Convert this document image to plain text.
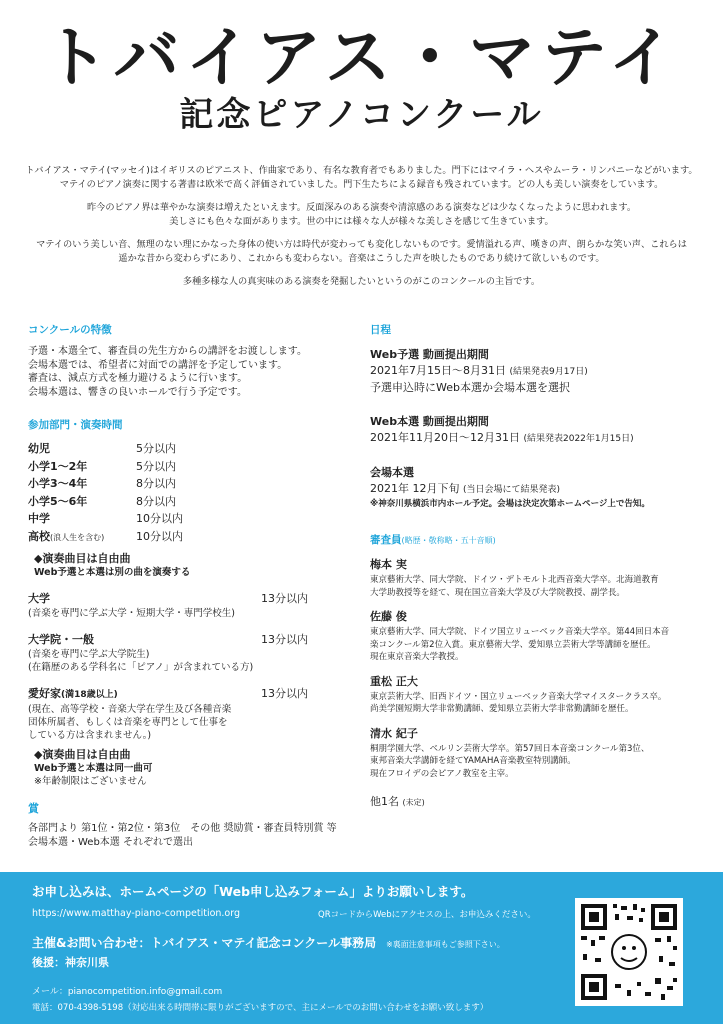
トバイアス・マテイ
記念ピアノコンクール

トバイアス・マテイ(マッセイ)はイギリスのピアニスト、作曲家であり、有名な教育者でもありました。門下にはマイラ・ヘスやムーラ・リンパニーなどがいます。
マテイのピアノ演奏に関する著書は欧米で高く評価されていました。門下生たちによる録音も残されています。どの人も美しい演奏をしています。

昨今のピアノ界は華やかな演奏は増えたといえます。反面深みのある演奏や清涼感のある演奏などは少なくなったように思われます。
美しさにも色々な面があります。世の中には様々な人が様々な美しさを感じて生きています。

マテイのいう美しい音、無理のない理にかなった身体の使い方は時代が変わっても変化しないものです。愛情溢れる声、嘆きの声、朗らかな笑い声、これらは
遥かな昔から変わらずにあり、これからも変わらない。音楽はこうした声を映したものであり続けて欲しいものです。

多種多様な人の真実味のある演奏を発掘したいというのがこのコンクールの主旨です。

コンクールの特徴
予選・本選全て、審査員の先生方からの講評をお渡しします。
会場本選では、希望者に対面での講評を予定しています。
審査は、減点方式を極力避けるように行います。
会場本選は、響きの良いホールで行う予定です。
参加部門・演奏時間
幼児	5分以内
小学1～2年	5分以内
小学3～4年	8分以内
小学5～6年	8分以内
中学	10分以内
高校(浪人生を含む)	10分以内
◆演奏曲目は自由曲
Web予選と本選は別の曲を演奏する
大学	13分以内
(音楽を専門に学ぶ大学・短期大学・専門学校生)
大学院・一般	13分以内
(音楽を専門に学ぶ大学院生)
(在籍歴のある学科名に「ピアノ」が含まれている方)
愛好家(満18歳以上)	13分以内
(現在、高等学校・音楽大学在学生及び各種音楽
団体所属者、もしくは音楽を専門として仕事を
している方は含まれません。)
◆演奏曲目は自由曲
Web予選と本選は同一曲可
※年齢制限はございません
賞
各部門より 第1位・第2位・第3位　その他 奨励賞・審査員特別賞 等
会場本選・Web本選 それぞれで選出
日程
Web予選 動画提出期間
2021年7月15日～8月31日 (結果発表9月17日)
予選申込時にWeb本選か会場本選を選択
Web本選 動画提出期間
2021年11月20日～12月31日 (結果発表2022年1月15日)
会場本選
2021年 12月下旬 (当日会場にて結果発表)
※神奈川県横浜市内ホール予定。会場は決定次第ホームページ上で告知。
審査員(略歴・敬称略・五十音順)
梅本 実
東京藝術大学、同大学院、ドイツ・デトモルト北西音楽大学卒。北海道教育
大学助教授等を経て、現在国立音楽大学及び大学院教授、副学長。
佐藤 俊
東京藝術大学、同大学院、ドイツ国立リューベック音楽大学卒。第44回日本音
楽コンクール第2位入賞。東京藝術大学、愛知県立芸術大学等講師を歴任。
現在東京音楽大学教授。
重松 正大
東京芸術大学、旧西ドイツ・国立リューベック音楽大学マイスタークラス卒。
尚美学園短期大学非常勤講師、愛知県立芸術大学非常勤講師を歴任。
清水 紀子
桐朋学園大学、ベルリン芸術大学卒。第57回日本音楽コンクール第3位、
東邦音楽大学講師を経てYAMAHA音楽教室特別講師。
現在フロイデの会ピアノ教室を主宰。
他1名 (未定)
お申し込みは、ホームページの「Web申し込みフォーム」よりお願いします。
https://www.matthay-piano-competition.org	QRコードからWebにアクセスの上、お申込みください。
主催&お問い合わせ：トバイアス・マテイ記念コンクール事務局 ※裏面注意事項もご参照下さい。
後援：神奈川県
メール：pianocompetition.info@gmail.com
電話：070-4398-5198（対応出来る時間帯に限りがございますので、主にメールでのお問い合わせをお願い致します）
